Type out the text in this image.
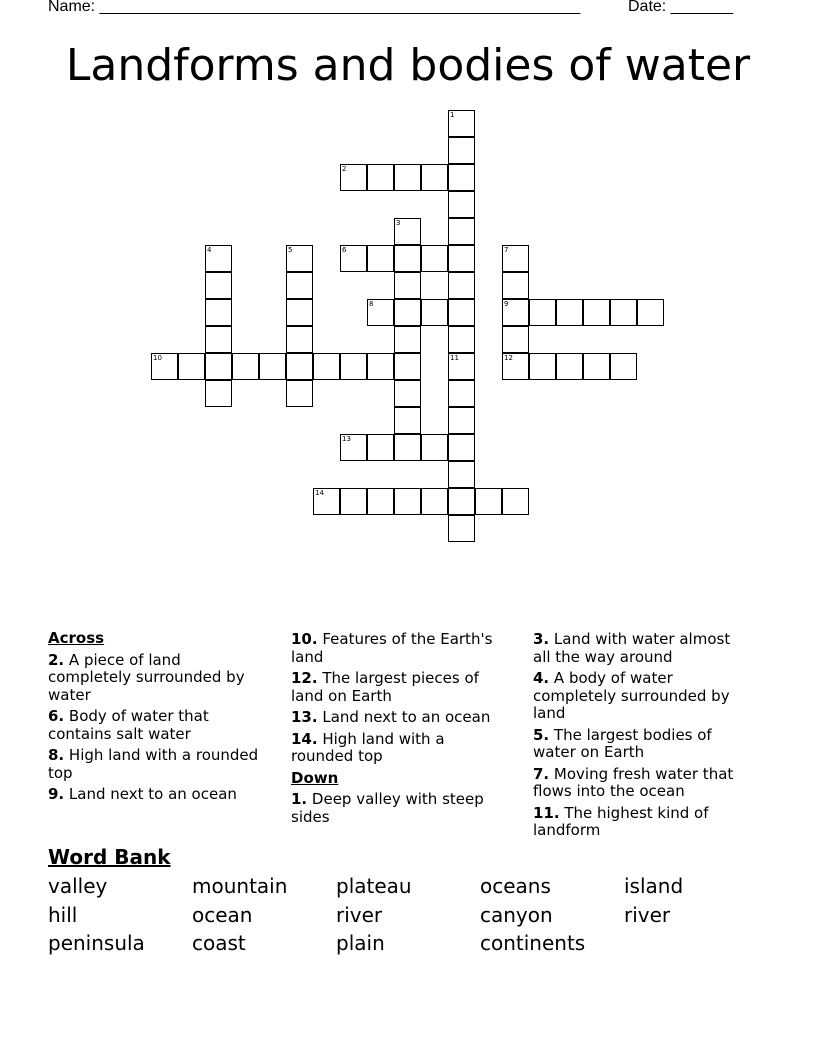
Name: ______________________________________________________	Date: _______
Landforms and bodies of water
1
11
2
3
4	5	6	7
9
8
10	12
13
14
Across
2. A piece of land completely surrounded by water
6. Body of water that contains salt water
8. High land with a rounded top
9. Land next to an ocean
10. Features of the Earth's land
12. The largest pieces of land on Earth
13. Land next to an ocean
14. High land with a rounded top
Down
1. Deep valley with steep sides
3. Land with water almost all the way around
4. A body of water completely surrounded by land
5. The largest bodies of water on Earth
7. Moving fresh water that flows into the ocean
11. The highest kind of landform
Word Bank
valley	mountain	plateau	oceans	island
hill	ocean	river	canyon	river
peninsula	coast	plain	continents
